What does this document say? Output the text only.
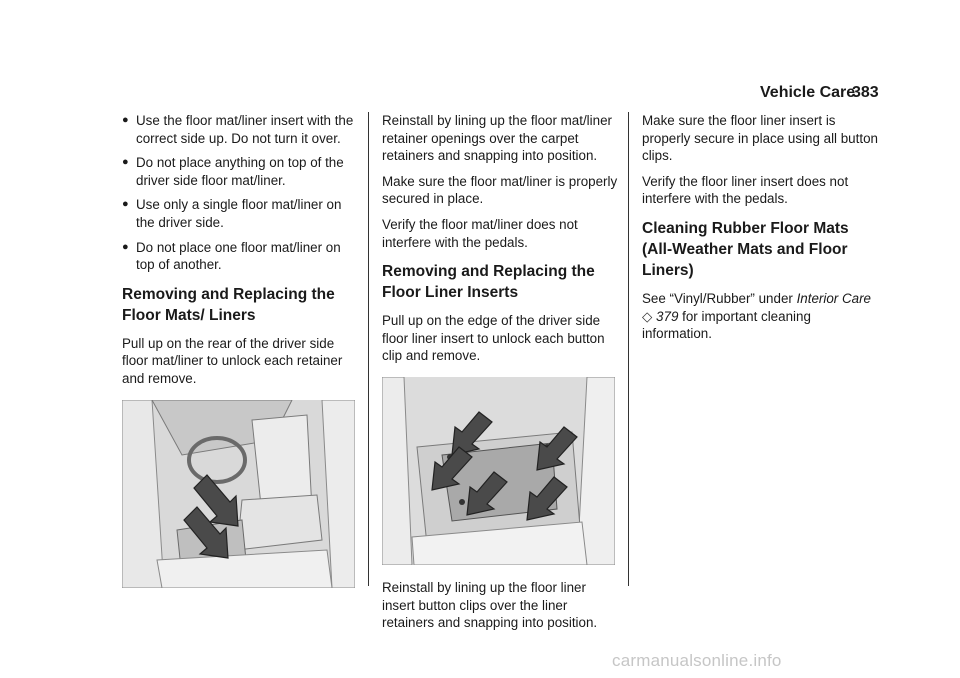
Vehicle Care
383
● Use the floor mat/liner insert with the correct side up. Do not turn it over.
● Do not place anything on top of the driver side floor mat/liner.
● Use only a single floor mat/liner on the driver side.
● Do not place one floor mat/liner on top of another.
Removing and Replacing the Floor Mats/ Liners

Pull up on the rear of the driver side floor mat/liner to unlock each retainer and remove.

Reinstall by lining up the floor mat/liner retainer openings over the carpet retainers and snapping into position.

Make sure the floor mat/liner is properly secured in place.

Verify the floor mat/liner does not interfere with the pedals.

Removing and Replacing the Floor Liner Inserts

Pull up on the edge of the driver side floor liner insert to unlock each button clip and remove.

Reinstall by lining up the floor liner insert button clips over the liner retainers and snapping into position.

Make sure the floor liner insert is properly secure in place using all button clips.

Verify the floor liner insert does not interfere with the pedals.

Cleaning Rubber Floor Mats (All-Weather Mats and Floor Liners)

See “Vinyl/Rubber” under Interior Care ◇ 379 for important cleaning information.

carmanualsonline.info
